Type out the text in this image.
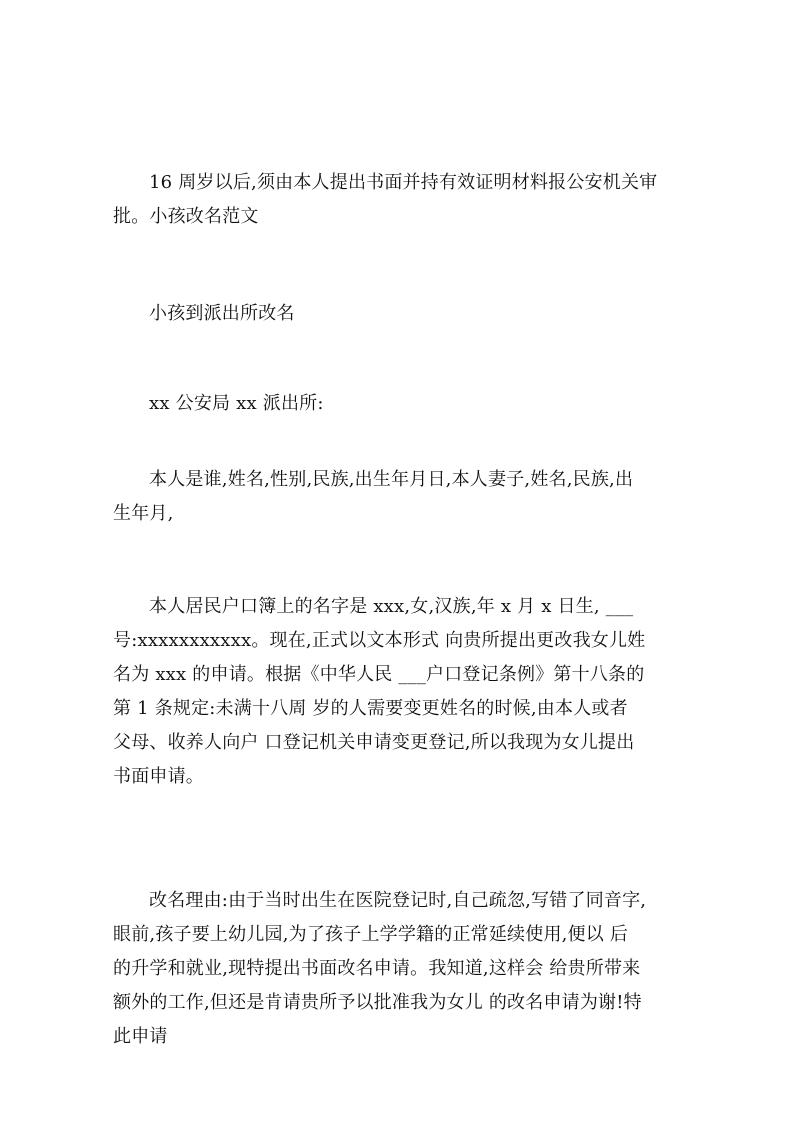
16 周岁以后,须由本人提出书面并持有效证明材料报公安机关审
批。小孩改名范文

小孩到派出所改名

xx 公安局 xx 派出所:

本人是谁,姓名,性别,民族,出生年月日,本人妻子,姓名,民族,出
生年月,

本人居民户口簿上的名字是 xxx,女,汉族,年 x 月 x 日生, ___
号:xxxxxxxxxxx。现在,正式以文本形式 向贵所提出更改我女儿姓
名为 xxx 的申请。根据《中华人民 ___户口登记条例》第十八条的
第 1 条规定:未满十八周 岁的人需要变更姓名的时候,由本人或者
父母、收养人向户 口登记机关申请变更登记,所以我现为女儿提出
书面申请。

改名理由:由于当时出生在医院登记时,自己疏忽,写错了同音字,
眼前,孩子要上幼儿园,为了孩子上学学籍的正常延续使用,便以 后
的升学和就业,现特提出书面改名申请。我知道,这样会 给贵所带来
额外的工作,但还是肯请贵所予以批准我为女儿 的改名申请为谢!特
此申请
